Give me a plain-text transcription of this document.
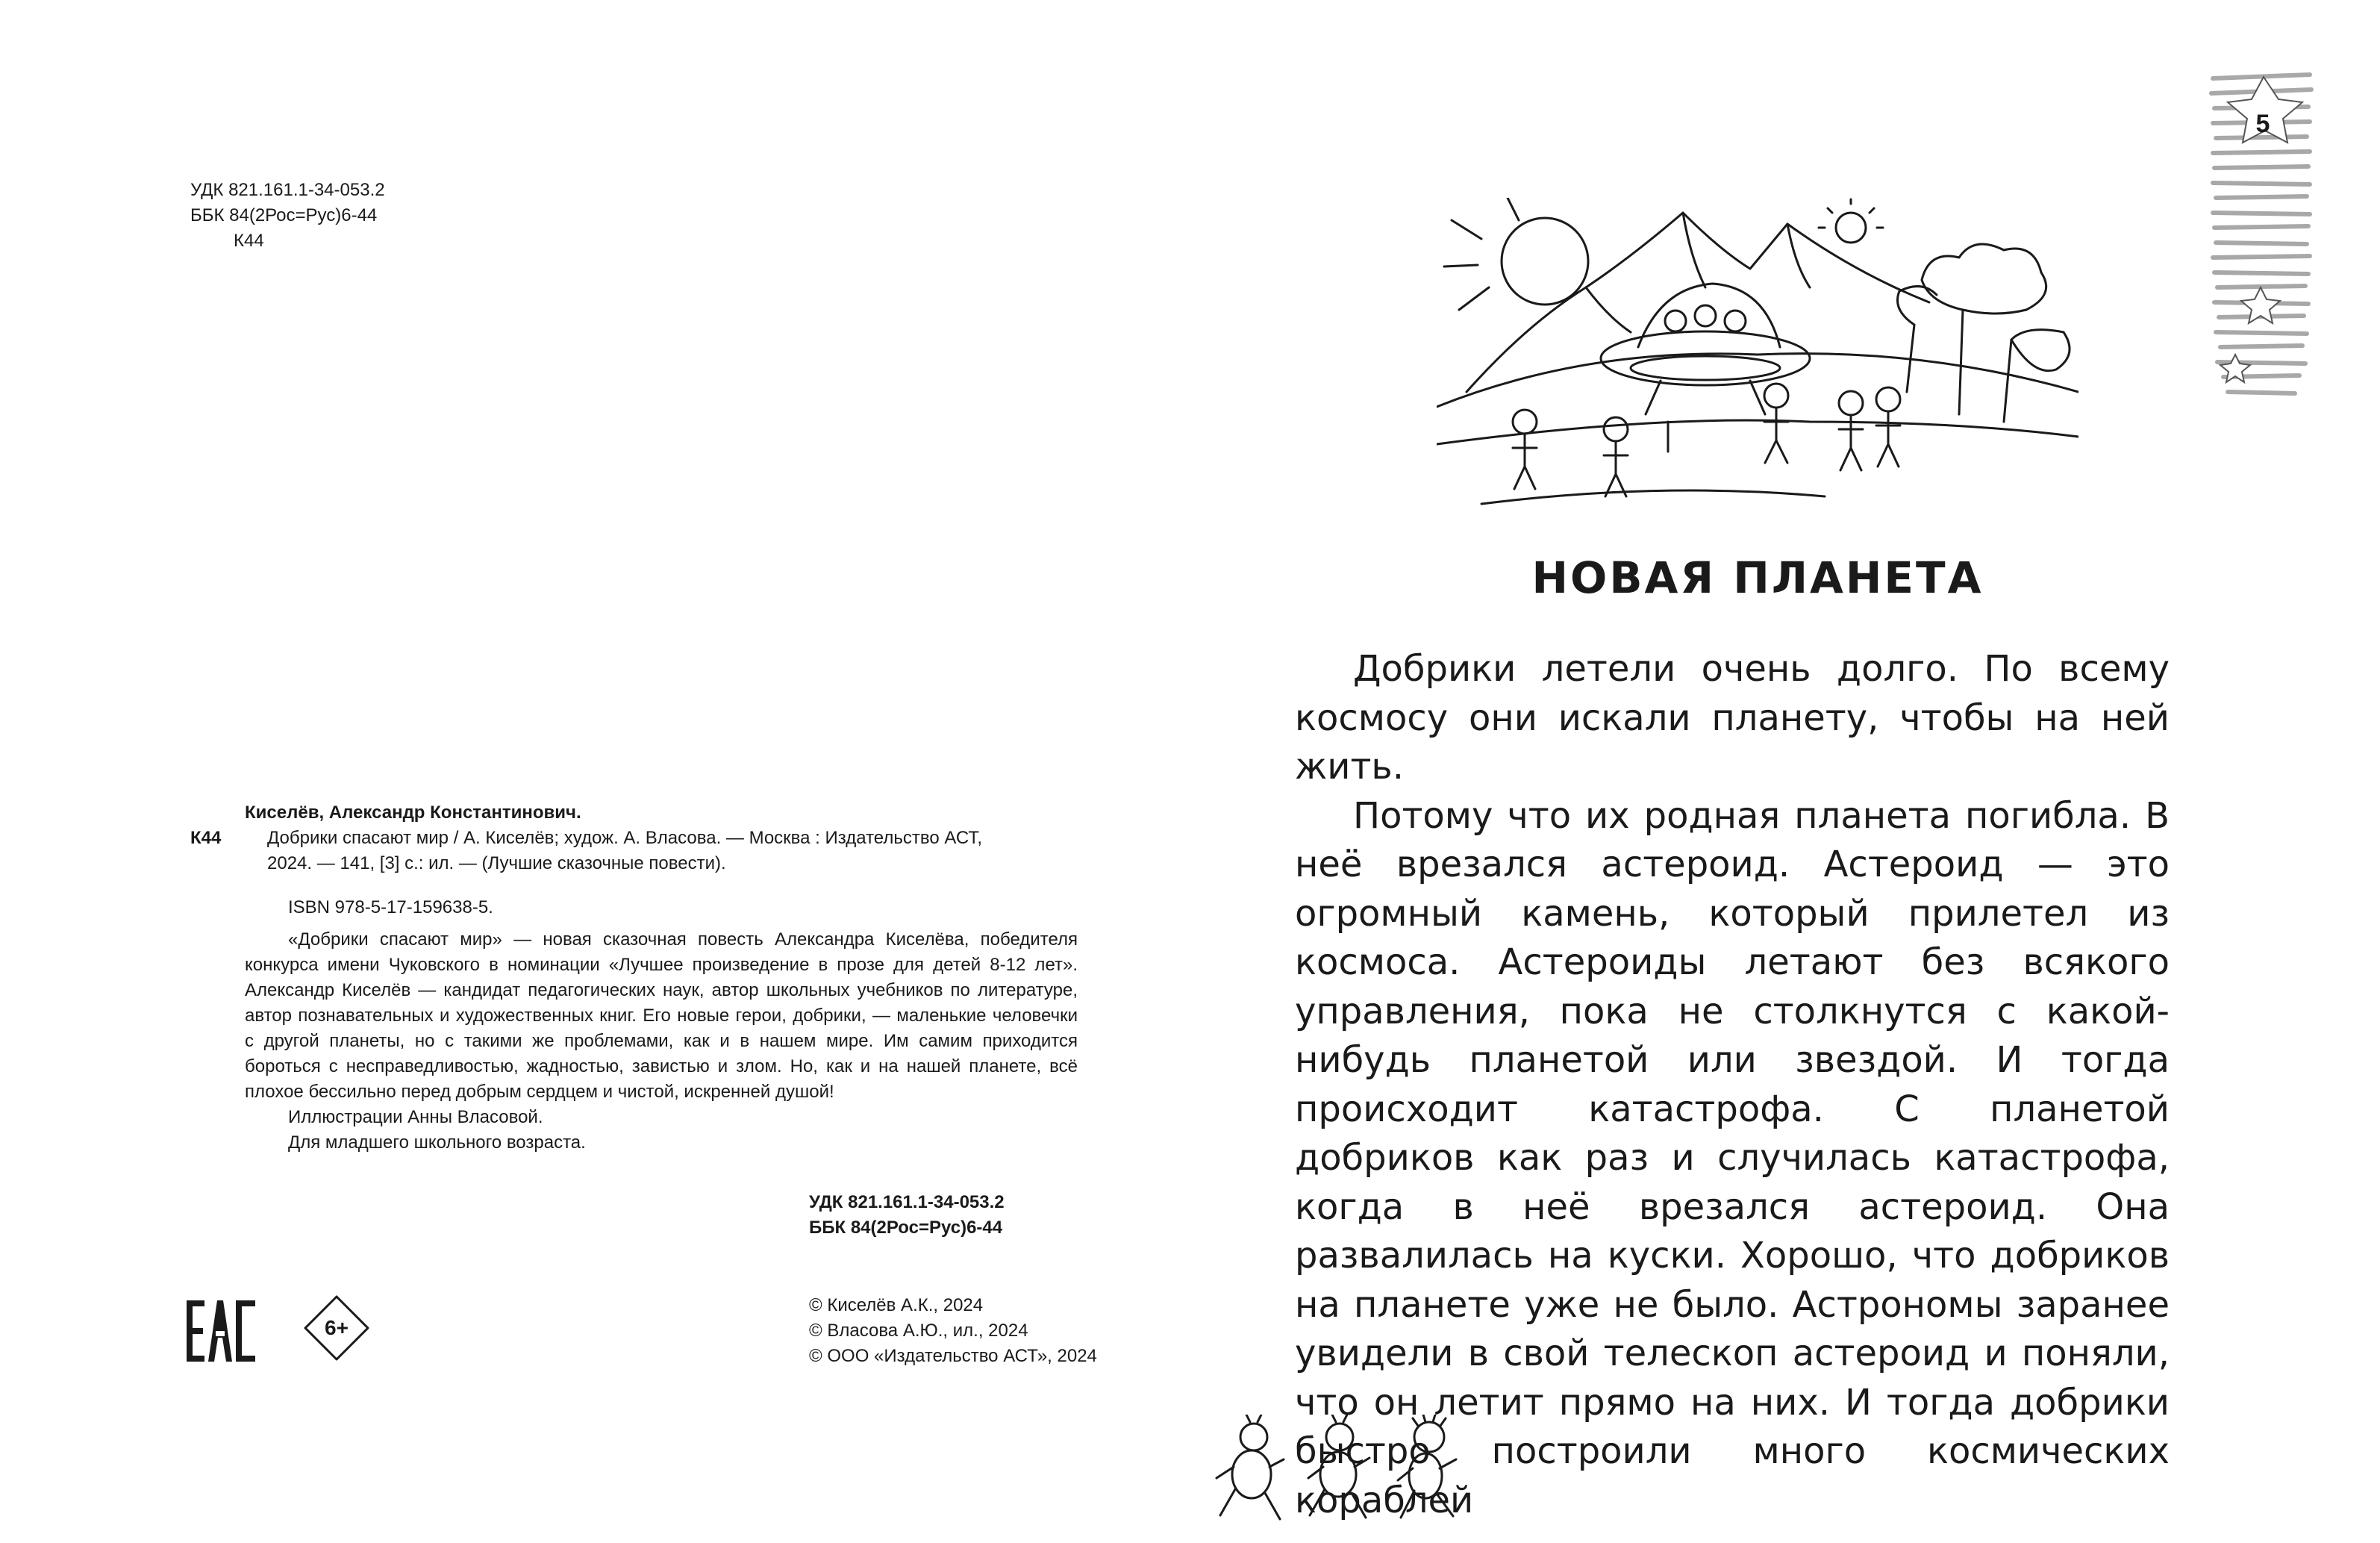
УДК 821.161.1-34-053.2
ББК 84(2Рос=Рус)6-44
К44
Киселёв, Александр Константинович.
К44	Добрики спасают мир / А. Киселёв; худож. А. Власова. — Москва : Издательство АСТ,

2024. — 141, [3] с.: ил. — (Лучшие сказочные повести).

ISBN 978-5-17-159638-5.

«Добрики спасают мир» — новая сказочная повесть Александра Киселёва, победителя конкурса имени Чуковского в номинации «Лучшее произведение в прозе для детей 8-12 лет». Александр Киселёв — кандидат педагогических наук, автор школьных учебников по литературе, автор познавательных и художественных книг. Его новые герои, добрики, — маленькие человечки с другой планеты, но с такими же проблемами, как и в нашем мире. Им самим приходится бороться с несправедливостью, жадностью, завистью и злом. Но, как и на нашей планете, всё плохое бессильно перед добрым сердцем и чистой, искренней душой!

Иллюстрации Анны Власовой.

Для младшего школьного возраста.

УДК 821.161.1-34-053.2
ББК 84(2Рос=Рус)6-44
6+
© Киселёв А.К., 2024
© Власова А.Ю., ил., 2024
© ООО «Издательство АСТ», 2024
5
НОВАЯ ПЛАНЕТА

Добрики летели очень долго. По всему космосу они искали планету, чтобы на ней жить.

Потому что их родная планета погибла. В неё врезался астероид. Астероид — это огромный камень, который прилетел из космоса. Астероиды летают без всякого управления, пока не столкнутся с какой-нибудь планетой или звездой. И тогда происходит катастрофа. С планетой добриков как раз и случилась катастрофа, когда в неё врезался астероид. Она развалилась на куски. Хорошо, что добриков на планете уже не было. Астрономы заранее увидели в свой телескоп астероид и поняли, что он летит прямо на них. И тогда добрики быстро построили много космических кораблей
